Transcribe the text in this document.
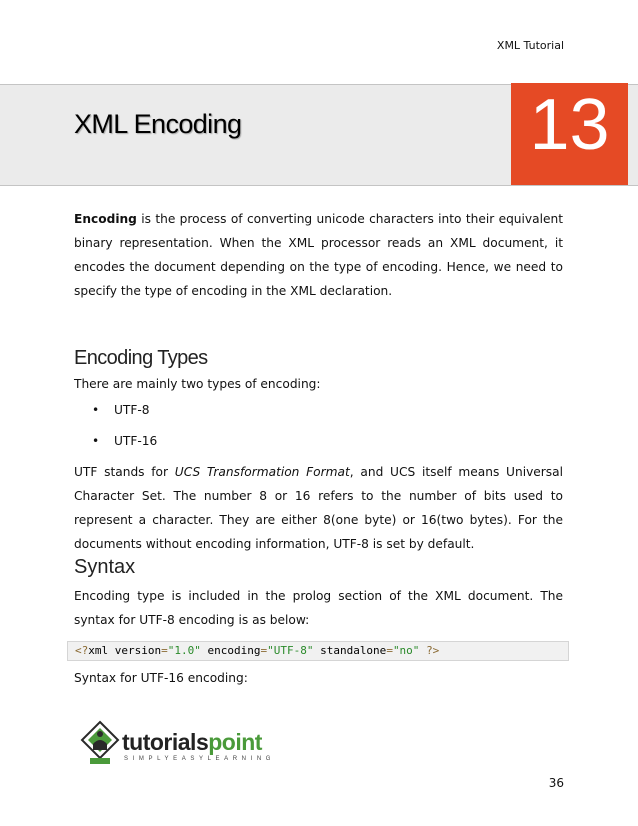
XML Tutorial
XML Encoding	13
Encoding is the process of converting unicode characters into their equivalent binary representation. When the XML processor reads an XML document, it encodes the document depending on the type of encoding. Hence, we need to specify the type of encoding in the XML declaration.
Encoding Types
There are mainly two types of encoding:
• UTF-8
• UTF-16
UTF stands for UCS Transformation Format, and UCS itself means Universal Character Set. The number 8 or 16 refers to the number of bits used to represent a character. They are either 8(one byte) or 16(two bytes). For the documents without encoding information, UTF-8 is set by default.
Syntax
Encoding type is included in the prolog section of the XML document. The syntax for UTF-8 encoding is as below:
<?xml version="1.0" encoding="UTF-8" standalone="no" ?>
Syntax for UTF-16 encoding:
tutorialspoint
SIMPLYEASYLEARNING
36
